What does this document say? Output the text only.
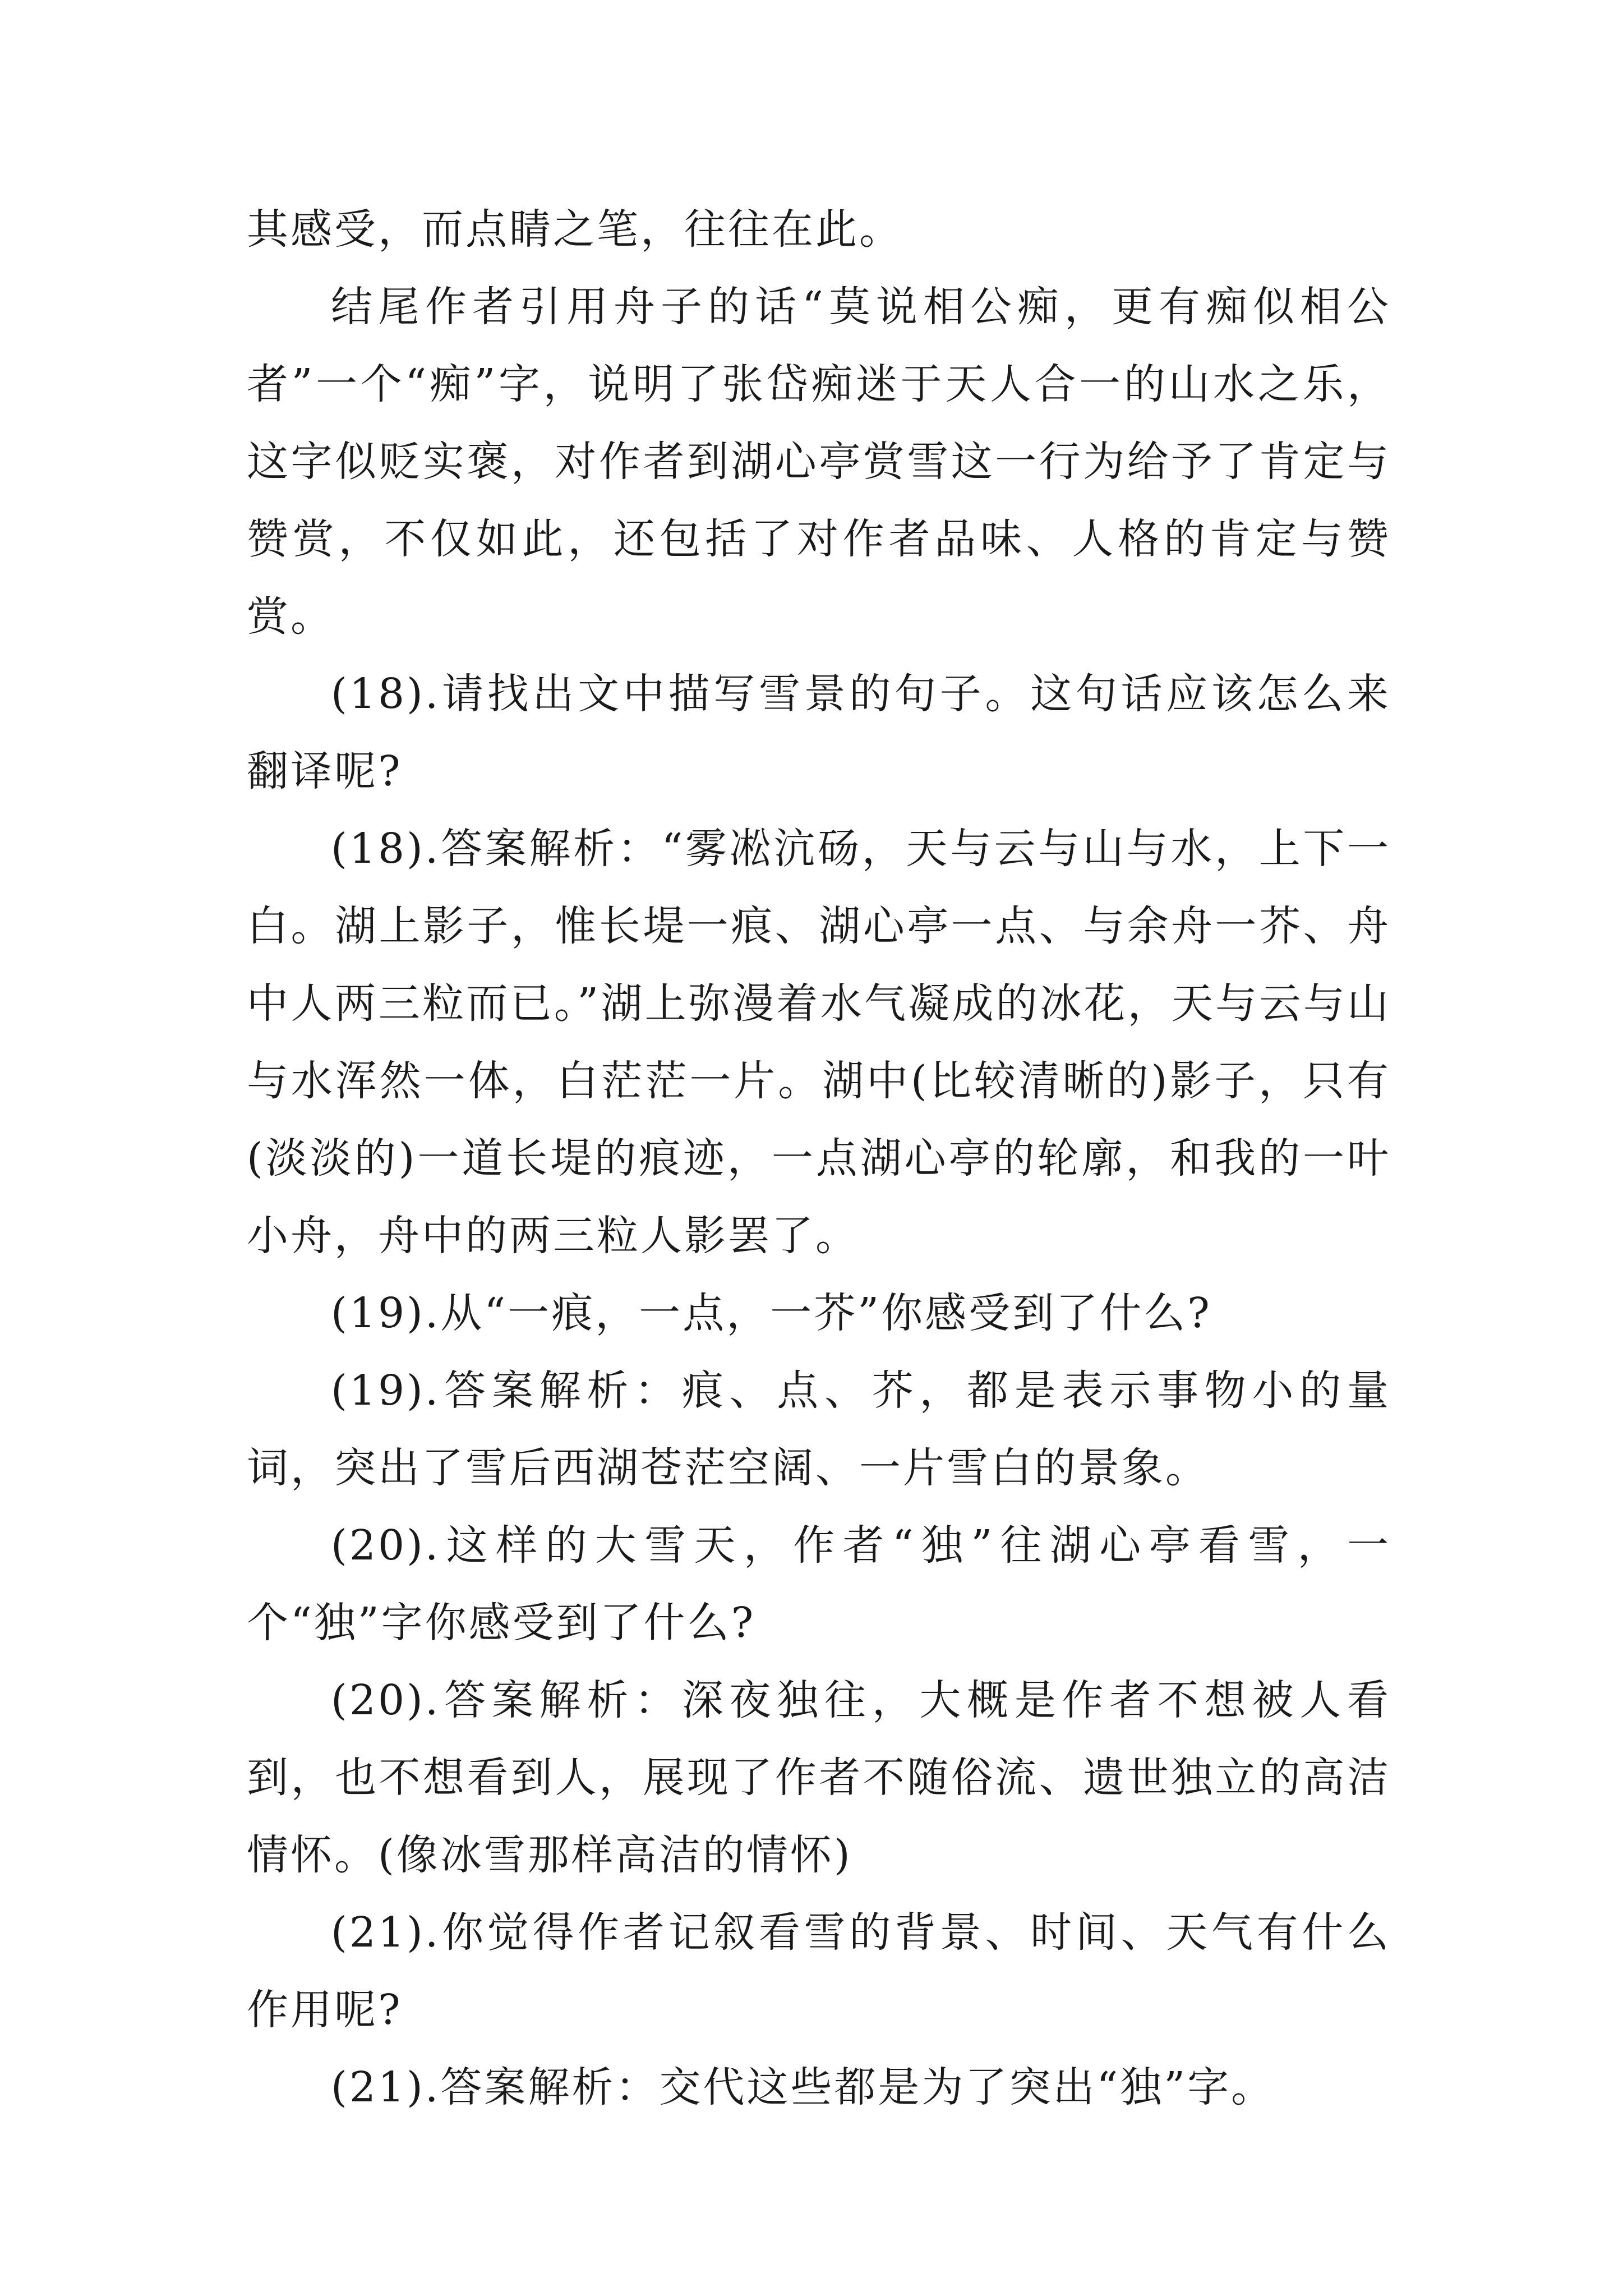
其感受，而点睛之笔，往往在此。

结尾作者引用舟子的话“莫说相公痴，更有痴似相公者”一个“痴”字，说明了张岱痴迷于天人合一的山水之乐，这字似贬实褒，对作者到湖心亭赏雪这一行为给予了肯定与赞赏，不仅如此，还包括了对作者品味、人格的肯定与赞赏。

(18).请找出文中描写雪景的句子。这句话应该怎么来翻译呢?

(18).答案解析：“雾凇沆砀，天与云与山与水，上下一白。湖上影子，惟长堤一痕、湖心亭一点、与余舟一芥、舟中人两三粒而已。”湖上弥漫着水气凝成的冰花，天与云与山与水浑然一体，白茫茫一片。湖中(比较清晰的)影子，只有(淡淡的)一道长堤的痕迹，一点湖心亭的轮廓，和我的一叶小舟，舟中的两三粒人影罢了。

(19).从“一痕，一点，一芥”你感受到了什么?

(19).答案解析：痕、点、芥，都是表示事物小的量词，突出了雪后西湖苍茫空阔、一片雪白的景象。

(20).这样的大雪天，作者“独”往湖心亭看雪，一个“独”字你感受到了什么?

(20).答案解析：深夜独往，大概是作者不想被人看到，也不想看到人，展现了作者不随俗流、遗世独立的高洁情怀。(像冰雪那样高洁的情怀)

(21).你觉得作者记叙看雪的背景、时间、天气有什么作用呢?

(21).答案解析：交代这些都是为了突出“独”字。
